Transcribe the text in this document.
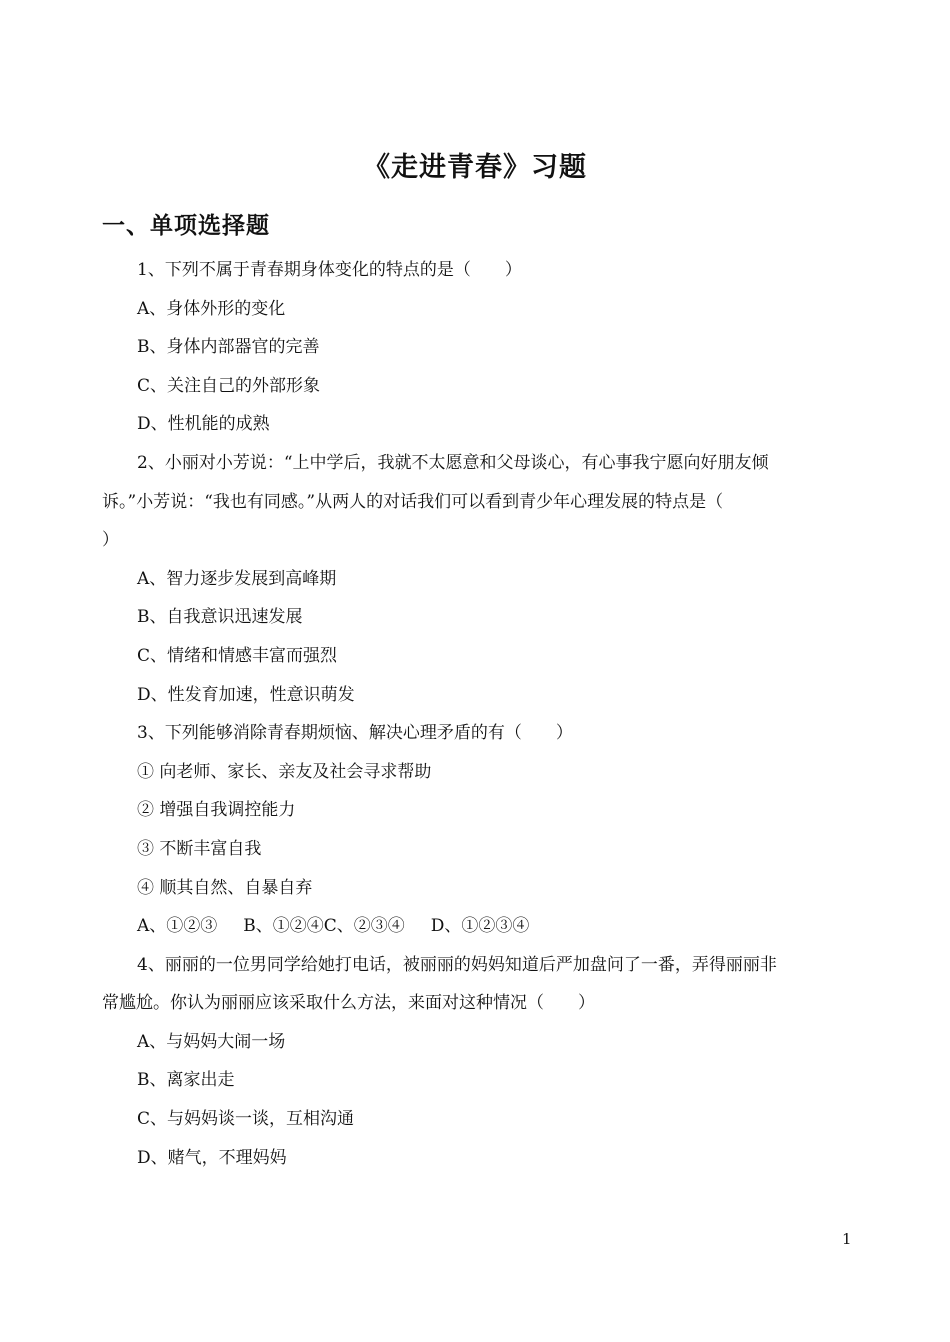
《走进青春》习题
一、单项选择题

1、下列不属于青春期身体变化的特点的是（　　）

A、身体外形的变化

B、身体内部器官的完善

C、关注自己的外部形象

D、性机能的成熟

2、小丽对小芳说：“上中学后，我就不太愿意和父母谈心，有心事我宁愿向好朋友倾

诉。”小芳说：“我也有同感。”从两人的对话我们可以看到青少年心理发展的特点是（

）

A、智力逐步发展到高峰期

B、自我意识迅速发展

C、情绪和情感丰富而强烈

D、性发育加速，性意识萌发

3、下列能够消除青春期烦恼、解决心理矛盾的有（　　）

① 向老师、家长、亲友及社会寻求帮助

② 增强自我调控能力

③ 不断丰富自我

④ 顺其自然、自暴自弃

A、①②③ B、①②④C、②③④ D、①②③④

4、丽丽的一位男同学给她打电话，被丽丽的妈妈知道后严加盘问了一番，弄得丽丽非

常尴尬。你认为丽丽应该采取什么方法，来面对这种情况（　　）

A、与妈妈大闹一场

B、离家出走

C、与妈妈谈一谈，互相沟通

D、赌气，不理妈妈

1
